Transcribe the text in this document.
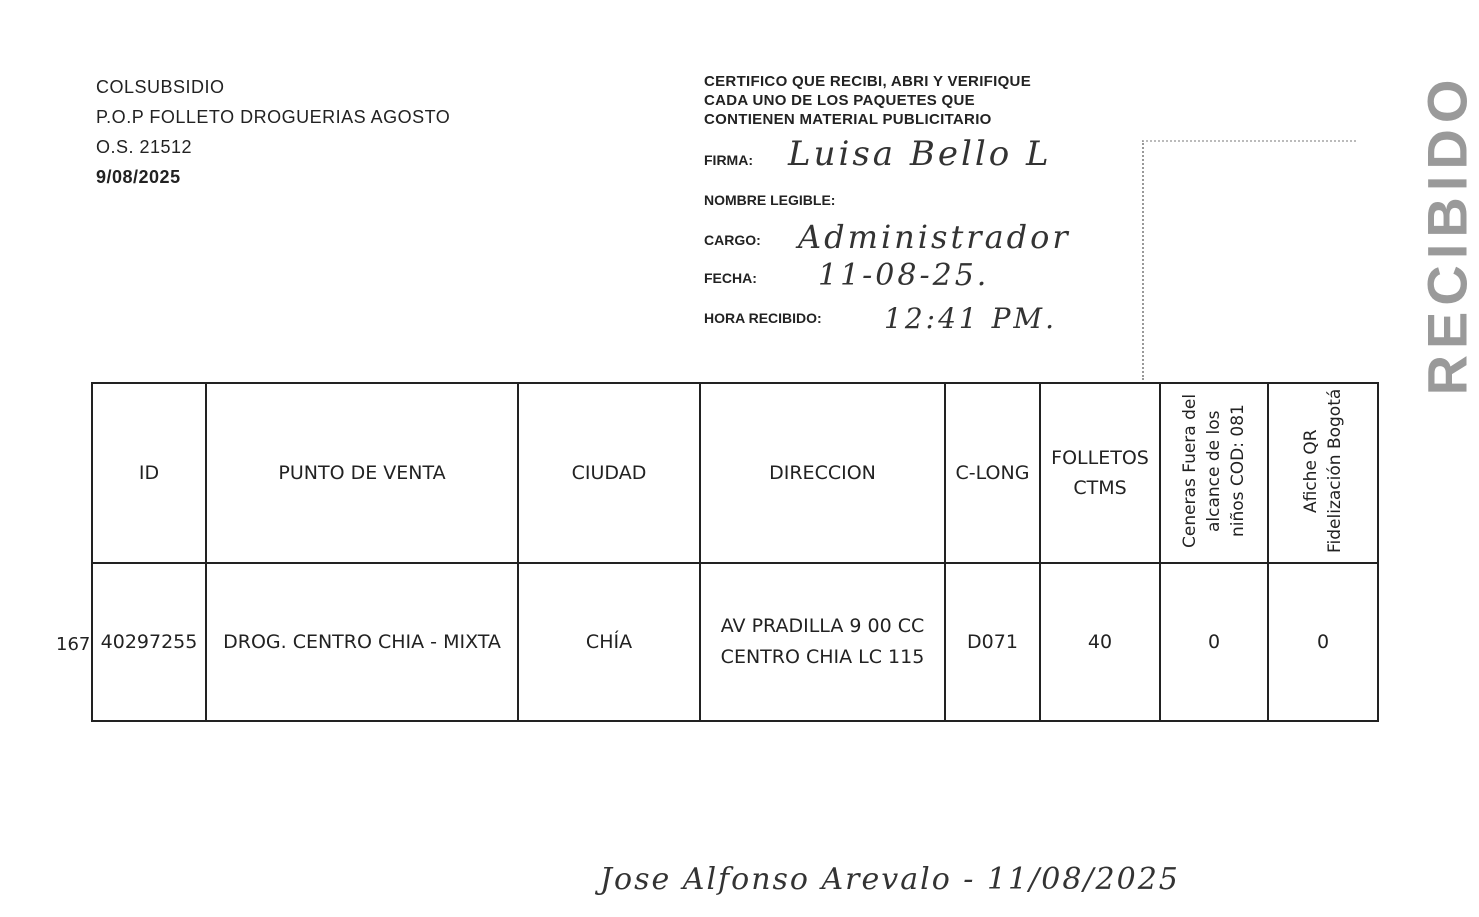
COLSUBSIDIO
P.O.P FOLLETO DROGUERIAS AGOSTO
O.S. 21512
9/08/2025
CERTIFICO QUE RECIBI, ABRI Y VERIFIQUE
CADA UNO DE LOS PAQUETES QUE
CONTIENEN MATERIAL PUBLICITARIO
FIRMA: Luisa Bello L
NOMBRE LEGIBLE:
CARGO: Administrador
FECHA: 11-08-25.
HORA RECIBIDO: 12:41 PM.	RECIBIDO
167
ID	PUNTO DE VENTA	CIUDAD	DIRECCION	C-LONG	FOLLETOS CTMS	Ceneras Fuera del alcance de los niños COD: 081	Afiche QR Fidelización Bogotá
40297255	DROG. CENTRO CHIA - MIXTA	CHÍA	AV PRADILLA 9 00 CC CENTRO CHIA LC 115	D071	40	0	0
Jose Alfonso Arevalo - 11/08/2025
